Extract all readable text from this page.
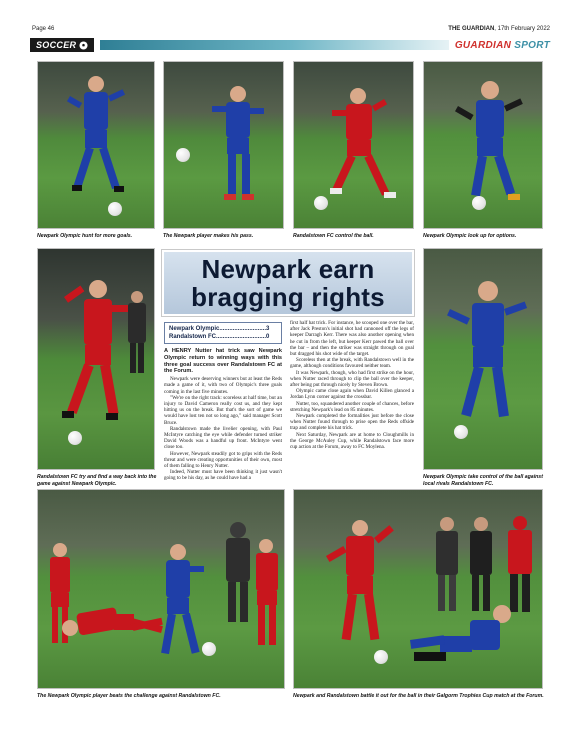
Page 46	THE GUARDIAN, 17th February 2022
SOCCER	GUARDIAN SPORT
Newpark Olympic hunt for more goals.	The Newpark player makes his pass.	Randalstown FC control the ball.	Newpark Olympic look up for options.
Randalstown FC try and find a way back into the game against Newpark Olympic.
Newpark Olympic take control of the ball against local rivals Randalstown FC.
Newpark earn
bragging rights
Newpark Olympic............................3
Randalstown FC..............................0

A HENRY Nutter hat trick saw Newpark Olympic return to winning ways with this three goal success over Randalstown FC at the Forum.

Newpark were deserving winners but at least the Reds made a game of it, with two of Olympic's three goals coming in the last five minutes.

"We're on the right track: scoreless at half time, but an injury to David Cameron really cost us, and they kept hitting us on the break. But that's the sort of game we would have lost ten not so long ago," said manager Scott Bruce.

Randalstown made the livelier opening, with Paul McIntyre catching the eye while defender turned striker David Woods was a handful up front. McIntyre went close too.

However, Newpark steadily got to grips with the Reds threat and were creating opportunities of their own, most of them falling to Henry Nutter.

Indeed, Nutter must have been thinking it just wasn't going to be his day, as he could have had a

first half hat trick. For instance, he scooped one over the bar, after Jack Preston's initial shot had cannoned off the legs of keeper Darragh Kerr. There was also another opening when he cut in from the left, but keeper Kerr pawed the ball over the bar – and then the striker was straight through on goal but dragged his shot wide of the target.

Scoreless then at the break, with Randalstown well in the game, although conditions favoured neither team.

It was Newpark, though, who had first strike on the hour, when Nutter raced through to clip the ball over the keeper, after being put through nicely by Steven Brown.

Olympic came close again when David Killen glanced a Jordan Lynn corner against the crossbar.

Nutter, too, squandered another couple of chances, before stretching Newpark's lead on 85 minutes.

Newpark completed the formalities just before the close when Nutter found through to prise open the Reds offside trap and complete his hat trick.

Next Saturday, Newpark are at home to Cloughmills in the George McAuley Cup, while Randalstown face more cup action at the Forum, away to FC Moylena.

The Newpark Olympic player beats the challenge against Randalstown FC.	Newpark and Randalstown battle it out for the ball in their Galgorm Trophies Cup match at the Forum.
